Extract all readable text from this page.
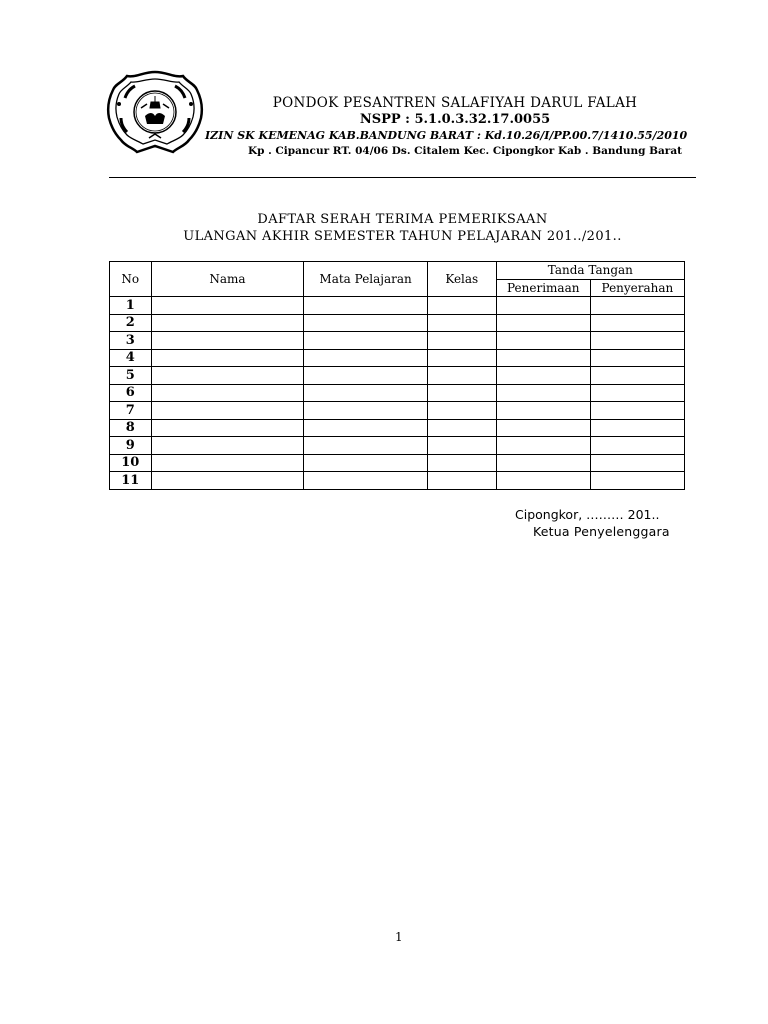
PONDOK PESANTREN SALAFIYAH DARUL FALAH
NSPP : 5.1.0.3.32.17.0055
IZIN SK KEMENAG KAB.BANDUNG BARAT : Kd.10.26/I/PP.00.7/1410.55/2010
Kp . Cipancur RT. 04/06 Ds. Citalem Kec. Cipongkor Kab . Bandung Barat
DAFTAR SERAH TERIMA PEMERIKSAAN
ULANGAN AKHIR SEMESTER TAHUN PELAJARAN 201../201..
No	Nama	Mata Pelajaran	Kelas	Tanda Tangan	
				Penerimaan	Penyerahan
1					
2					
3					
4					
5					
6					
7					
8					
9					
10					
11					
Cipongkor, ……… 201..
Ketua Penyelenggara
1
